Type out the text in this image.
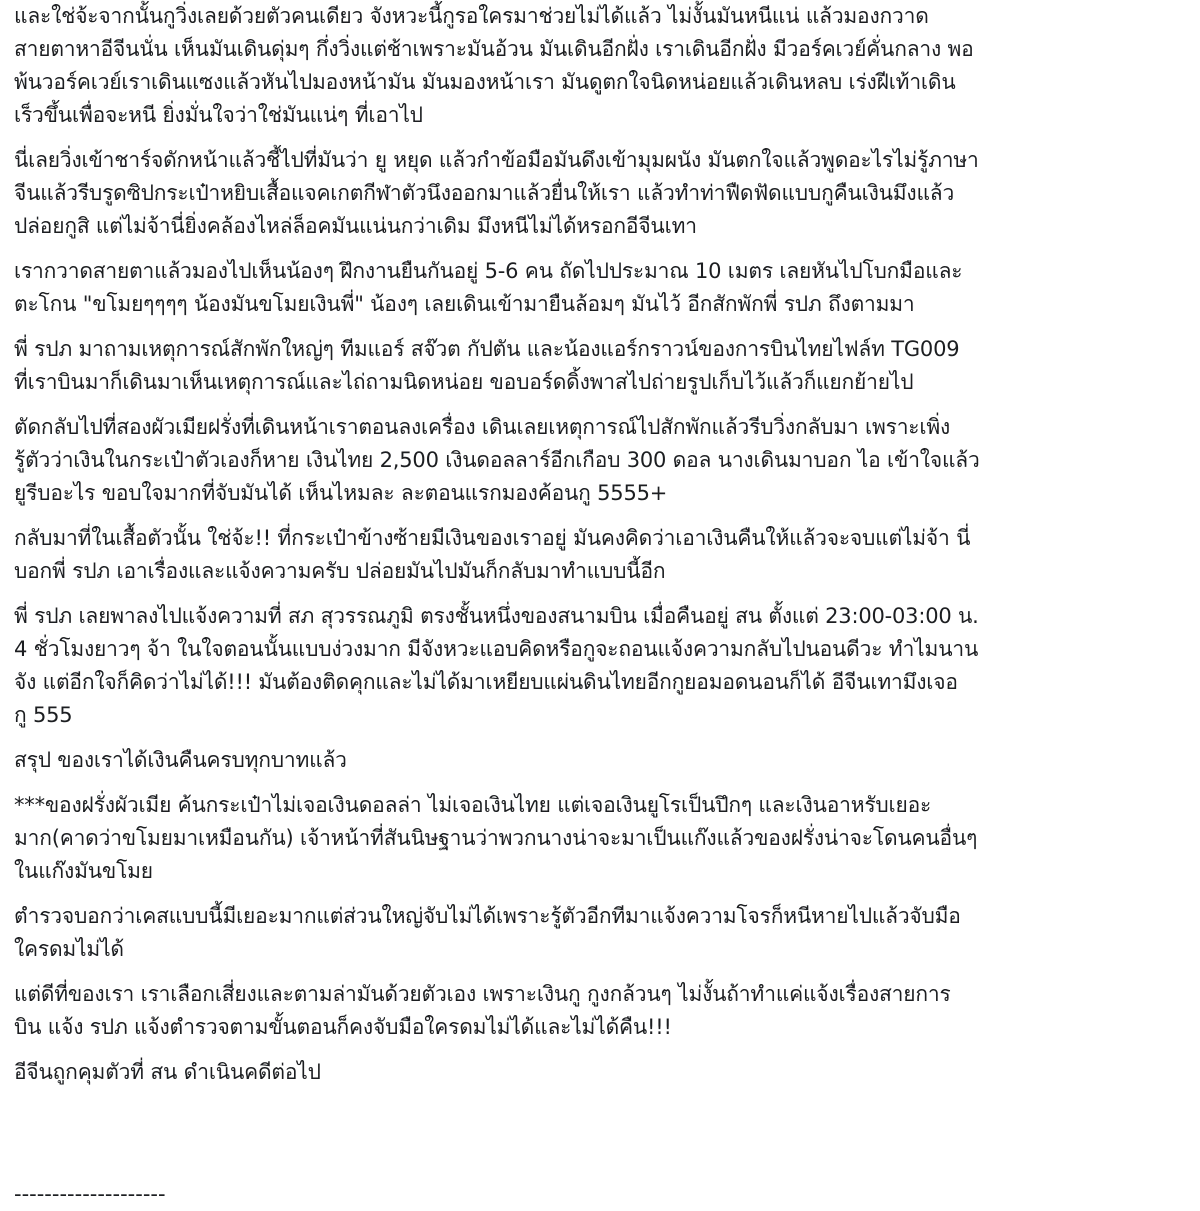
และใช่จ้ะจากนั้นกูวิ่งเลยด้วยตัวคนเดียว จังหวะนี้กูรอใครมาช่วยไม่ได้แล้ว ไม่งั้นมันหนีแน่ แล้วมองกวาด
สายตาหาอีจีนนั่น เห็นมันเดินดุ่มๆ กึ่งวิ่งแต่ช้าเพราะมันอ้วน มันเดินอีกฝั่ง เราเดินอีกฝั่ง มีวอร์คเวย์คั่นกลาง พอ
พ้นวอร์คเวย์เราเดินแซงแล้วหันไปมองหน้ามัน มันมองหน้าเรา มันดูตกใจนิดหน่อยแล้วเดินหลบ เร่งฝีเท้าเดิน
เร็วขึ้นเพื่อจะหนี ยิ่งมั่นใจว่าใช่มันแน่ๆ ที่เอาไป

นี่เลยวิ่งเข้าชาร์จดักหน้าแล้วชี้ไปที่มันว่า ยู หยุด แล้วกำข้อมือมันดึงเข้ามุมผนัง มันตกใจแล้วพูดอะไรไม่รู้ภาษา
จีนแล้วรีบรูดซิปกระเป๋าหยิบเสื้อแจคเกตกีฬาตัวนึงออกมาแล้วยื่นให้เรา แล้วทำท่าฟืดฟัดแบบกูคืนเงินมึงแล้ว
ปล่อยกูสิ แต่ไม่จ้านี่ยิ่งคล้องไหล่ล็อคมันแน่นกว่าเดิม มึงหนีไม่ได้หรอกอีจีนเทา

เรากวาดสายตาแล้วมองไปเห็นน้องๆ ฝึกงานยืนกันอยู่ 5-6 คน ถัดไปประมาณ 10 เมตร เลยหันไปโบกมือและ
ตะโกน "ขโมยๆๆๆๆ น้องมันขโมยเงินพี่" น้องๆ เลยเดินเข้ามายืนล้อมๆ มันไว้ อีกสักพักพี่ รปภ ถึงตามมา

พี่ รปภ มาถามเหตุการณ์สักพักใหญ่ๆ ทีมแอร์ สจ๊วต กัปตัน และน้องแอร์กราวน์ของการบินไทยไฟล์ท TG009
ที่เราบินมาก็เดินมาเห็นเหตุการณ์และไถ่ถามนิดหน่อย ขอบอร์ดดิ้งพาสไปถ่ายรูปเก็บไว้แล้วก็แยกย้ายไป

ตัดกลับไปที่สองผัวเมียฝรั่งที่เดินหน้าเราตอนลงเครื่อง เดินเลยเหตุการณ์ไปสักพักแล้วรีบวิ่งกลับมา เพราะเพิ่ง
รู้ตัวว่าเงินในกระเป๋าตัวเองก็หาย เงินไทย 2,500 เงินดอลลาร์อีกเกือบ 300 ดอล นางเดินมาบอก ไอ เข้าใจแล้ว
ยูรีบอะไร ขอบใจมากที่จับมันได้ เห็นไหมละ ละตอนแรกมองค้อนกู 5555+

กลับมาที่ในเสื้อตัวนั้น ใช่จ้ะ!! ที่กระเป๋าข้างซ้ายมีเงินของเราอยู่ มันคงคิดว่าเอาเงินคืนให้แล้วจะจบแต่ไม่จ้า นี่
บอกพี่ รปภ เอาเรื่องและแจ้งความครับ ปล่อยมันไปมันก็กลับมาทำแบบนี้อีก

พี่ รปภ เลยพาลงไปแจ้งความที่ สภ สุวรรณภูมิ ตรงชั้นหนึ่งของสนามบิน เมื่อคืนอยู่ สน ตั้งแต่ 23:00-03:00 น.
4 ชั่วโมงยาวๆ จ้า ในใจตอนนั้นแบบง่วงมาก มีจังหวะแอบคิดหรือกูจะถอนแจ้งความกลับไปนอนดีวะ ทำไมนาน
จัง แต่อีกใจก็คิดว่าไม่ได้!!! มันต้องติดคุกและไม่ได้มาเหยียบแผ่นดินไทยอีกกูยอมอดนอนก็ได้ อีจีนเทามึงเจอ
กู 555

สรุป ของเราได้เงินคืนครบทุกบาทแล้ว

***ของฝรั่งผัวเมีย ค้นกระเป๋าไม่เจอเงินดอลล่า ไม่เจอเงินไทย แต่เจอเงินยูโรเป็นปึกๆ และเงินอาหรับเยอะ
มาก(คาดว่าขโมยมาเหมือนกัน) เจ้าหน้าที่สันนิษฐานว่าพวกนางน่าจะมาเป็นแก๊งแล้วของฝรั่งน่าจะโดนคนอื่นๆ
ในแก๊งมันขโมย

ตำรวจบอกว่าเคสแบบนี้มีเยอะมากแต่ส่วนใหญ่จับไม่ได้เพราะรู้ตัวอีกทีมาแจ้งความโจรก็หนีหายไปแล้วจับมือ
ใครดมไม่ได้

แต่ดีที่ของเรา เราเลือกเสี่ยงและตามล่ามันด้วยตัวเอง เพราะเงินกู กูงกล้วนๆ ไม่งั้นถ้าทำแค่แจ้งเรื่องสายการ
บิน แจ้ง รปภ แจ้งตำรวจตามขั้นตอนก็คงจับมือใครดมไม่ได้และไม่ได้คืน!!!

อีจีนถูกคุมตัวที่ สน ดำเนินคดีต่อไป

--------------------
